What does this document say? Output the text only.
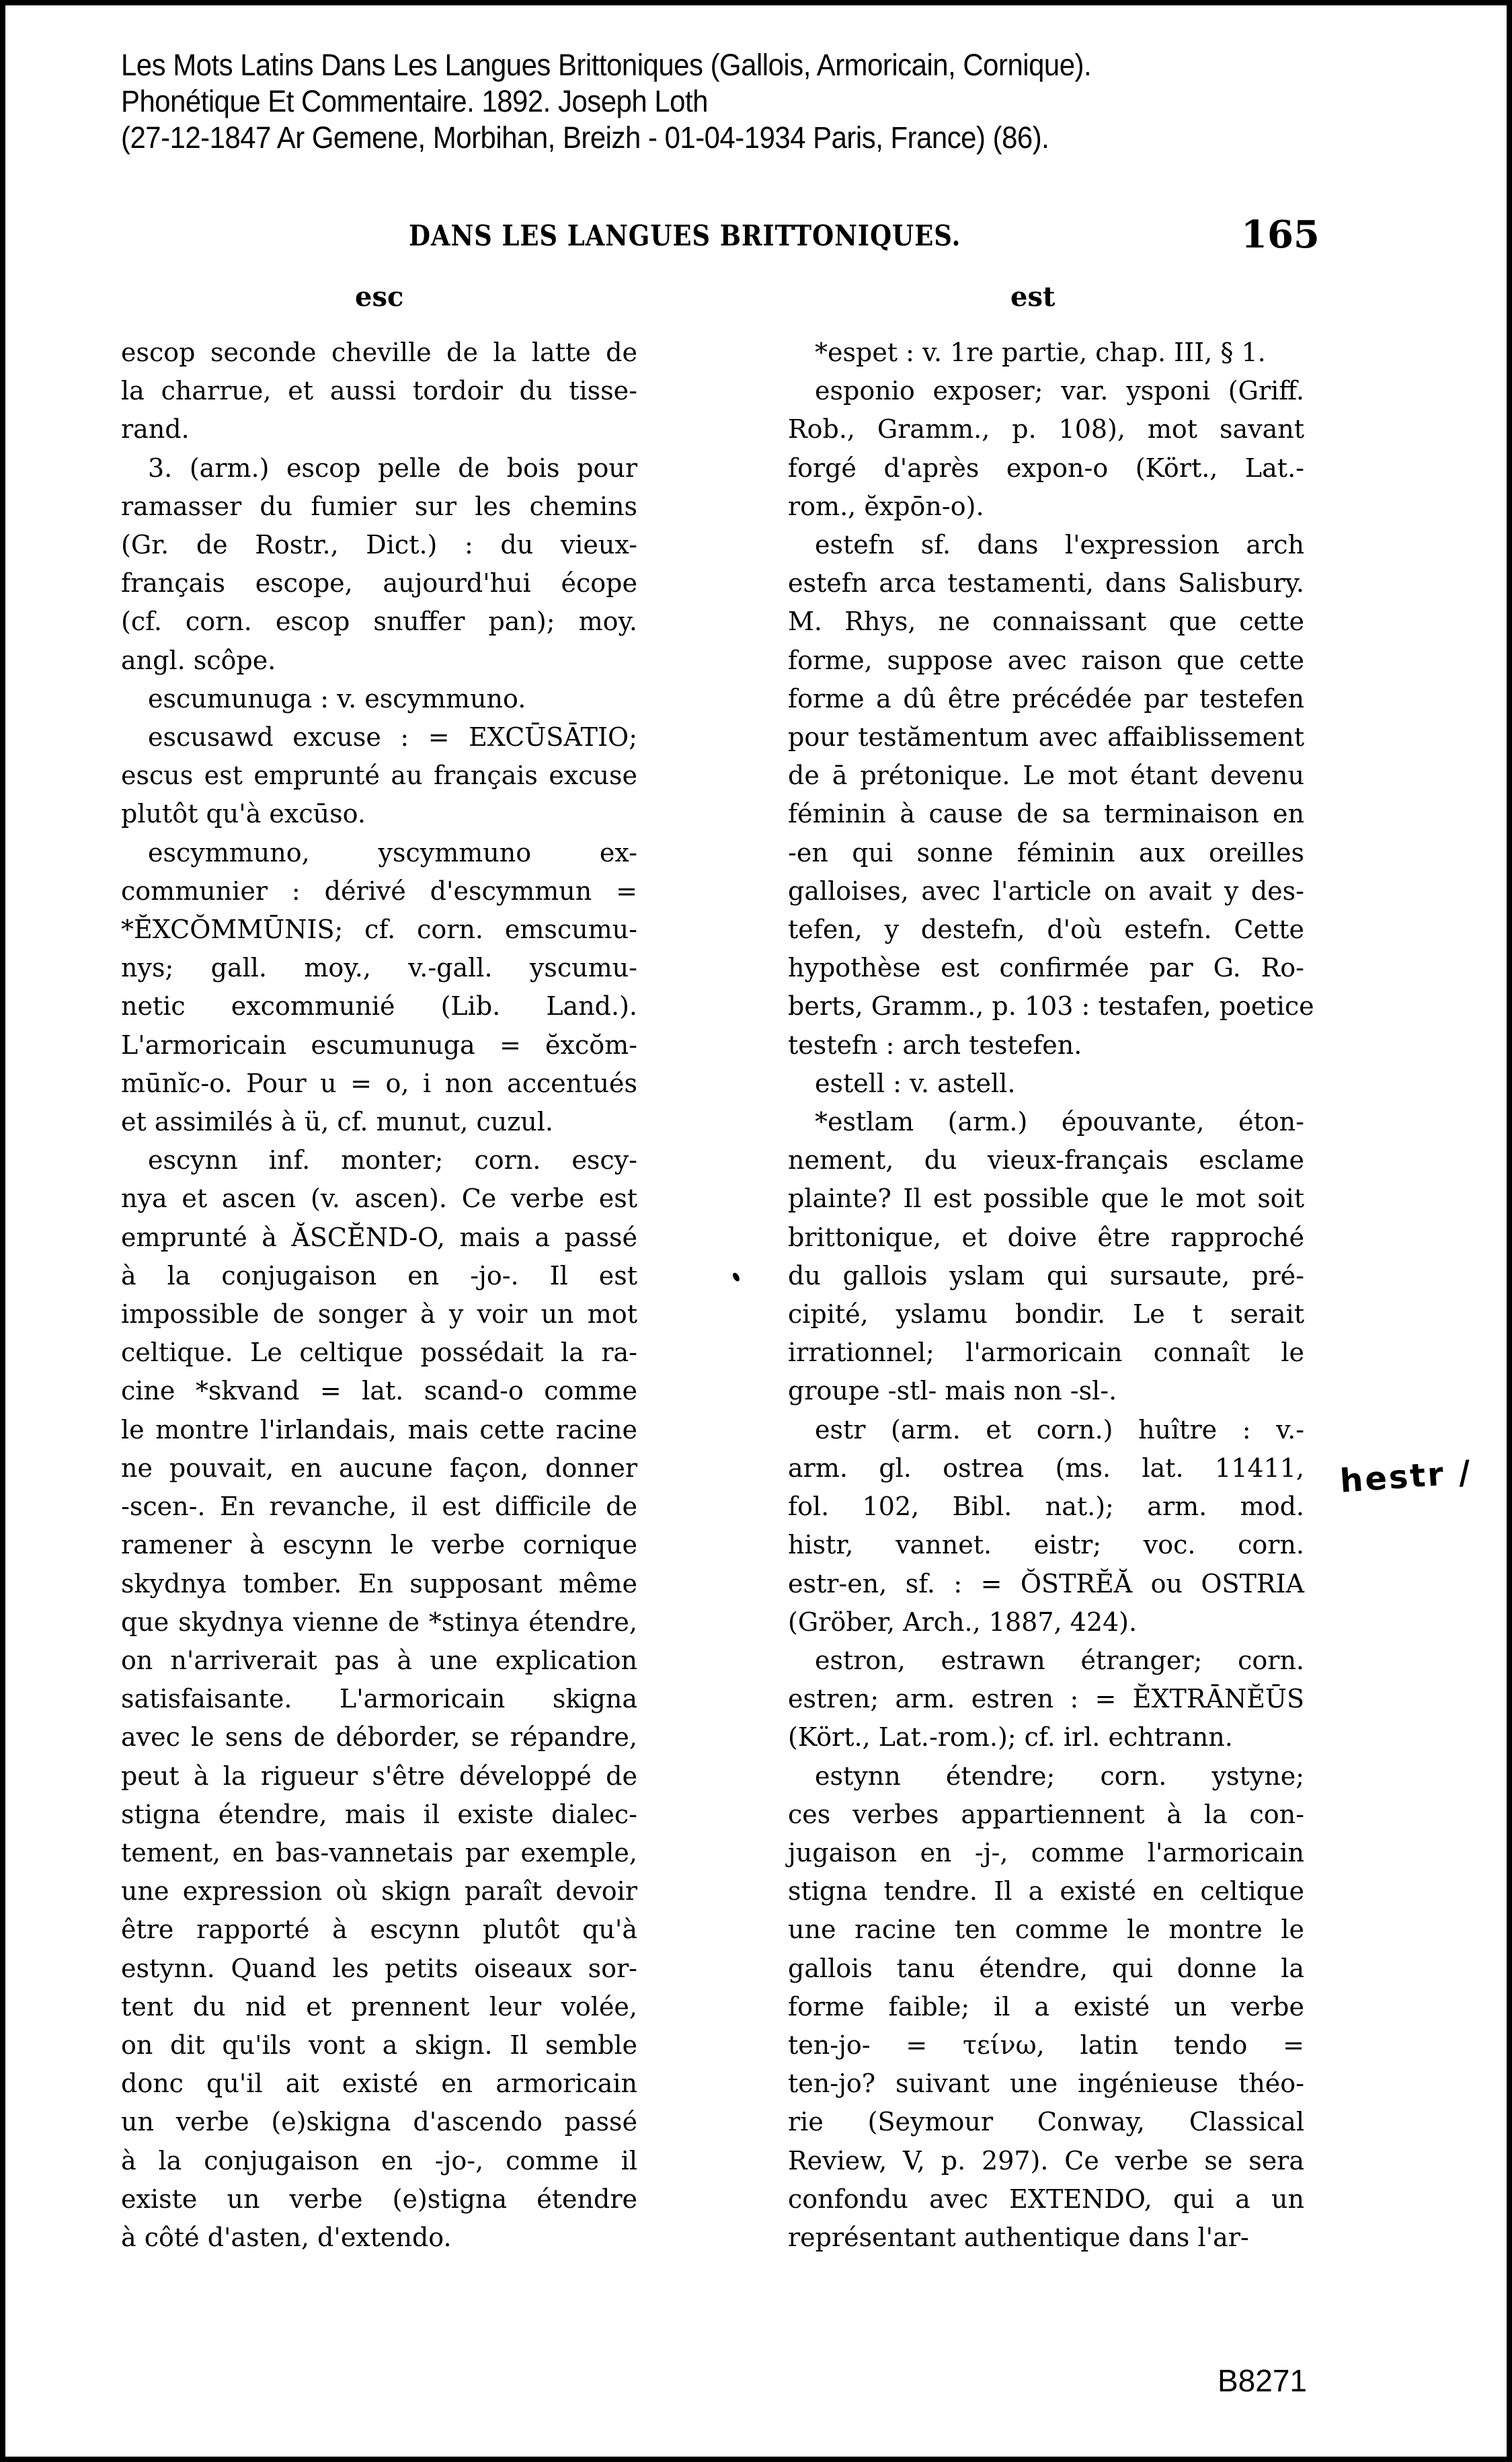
Les Mots Latins Dans Les Langues Brittoniques (Gallois, Armoricain, Cornique).
Phonétique Et Commentaire. 1892. Joseph Loth
(27-12-1847 Ar Gemene, Morbihan, Breizh - 01-04-1934 Paris, France) (86).
DANS LES LANGUES BRITTONIQUES.	165
esc	est
escop seconde cheville de la latte de
la charrue, et aussi tordoir du tisse-
rand.
3. (arm.) escop pelle de bois pour
ramasser du fumier sur les chemins
(Gr. de Rostr., Dict.) : du vieux-
français escope, aujourd'hui écope
(cf. corn. escop snuffer pan); moy.
angl. scôpe.
escumunuga : v. escymmuno.
escusawd excuse : = EXCŪSĀTIO;
escus est emprunté au français excuse
plutôt qu'à excūso.
escymmuno, yscymmuno ex-
communier : dérivé d'escymmun =
*ĔXCŎMMŪNIS; cf. corn. emscumu-
nys; gall. moy., v.-gall. yscumu-
netic excommunié (Lib. Land.).
L'armoricain escumunuga = ĕxcŏm-
mūnĭc-o. Pour u = o, i non accentués
et assimilés à ü, cf. munut, cuzul.
escynn inf. monter; corn. escy-
nya et ascen (v. ascen). Ce verbe est
emprunté à ĂSCĔND-O, mais a passé
à la conjugaison en -jo-. Il est
impossible de songer à y voir un mot
celtique. Le celtique possédait la ra-
cine *skvand = lat. scand-o comme
le montre l'irlandais, mais cette racine
ne pouvait, en aucune façon, donner
-scen-. En revanche, il est difficile de
ramener à escynn le verbe cornique
skydnya tomber. En supposant même
que skydnya vienne de *stinya étendre,
on n'arriverait pas à une explication
satisfaisante. L'armoricain skigna
avec le sens de déborder, se répandre,
peut à la rigueur s'être développé de
stigna étendre, mais il existe dialec-
tement, en bas-vannetais par exemple,
une expression où skign paraît devoir
être rapporté à escynn plutôt qu'à
estynn. Quand les petits oiseaux sor-
tent du nid et prennent leur volée,
on dit qu'ils vont a skign. Il semble
donc qu'il ait existé en armoricain
un verbe (e)skigna d'ascendo passé
à la conjugaison en -jo-, comme il
existe un verbe (e)stigna étendre
à côté d'asten, d'extendo.
*espet : v. 1re partie, chap. III, § 1.
esponio exposer; var. ysponi (Griff.
Rob., Gramm., p. 108), mot savant
forgé d'après expon-o (Kört., Lat.-
rom., ĕxpōn-o).
estefn sf. dans l'expression arch
estefn arca testamenti, dans Salisbury.
M. Rhys, ne connaissant que cette
forme, suppose avec raison que cette
forme a dû être précédée par testefen
pour testămentum avec affaiblissement
de ā prétonique. Le mot étant devenu
féminin à cause de sa terminaison en
-en qui sonne féminin aux oreilles
galloises, avec l'article on avait y des-
tefen, y destefn, d'où estefn. Cette
hypothèse est confirmée par G. Ro-
berts, Gramm., p. 103 : testafen, poetice
testefn : arch testefen.
estell : v. astell.
*estlam (arm.) épouvante, éton-
nement, du vieux-français esclame
plainte? Il est possible que le mot soit
brittonique, et doive être rapproché
du gallois yslam qui sursaute, pré-
cipité, yslamu bondir. Le t serait
irrationnel; l'armoricain connaît le
groupe -stl- mais non -sl-.
estr (arm. et corn.) huître : v.-
arm. gl. ostrea (ms. lat. 11411,
fol. 102, Bibl. nat.); arm. mod.
histr, vannet. eistr; voc. corn.
estr-en, sf. : = ŎSTRĔĂ ou OSTRIA
(Gröber, Arch., 1887, 424).
estron, estrawn étranger; corn.
estren; arm. estren : = ĔXTRĀNĔŪS
(Kört., Lat.-rom.); cf. irl. echtrann.
estynn étendre; corn. ystyne;
ces verbes appartiennent à la con-
jugaison en -j-, comme l'armoricain
stigna tendre. Il a existé en celtique
une racine ten comme le montre le
gallois tanu étendre, qui donne la
forme faible; il a existé un verbe
ten-jo- = τείνω, latin tendo =
ten-jo? suivant une ingénieuse théo-
rie (Seymour Conway, Classical
Review, V, p. 297). Ce verbe se sera
confondu avec EXTENDO, qui a un
représentant authentique dans l'ar-
hestr /
B8271
